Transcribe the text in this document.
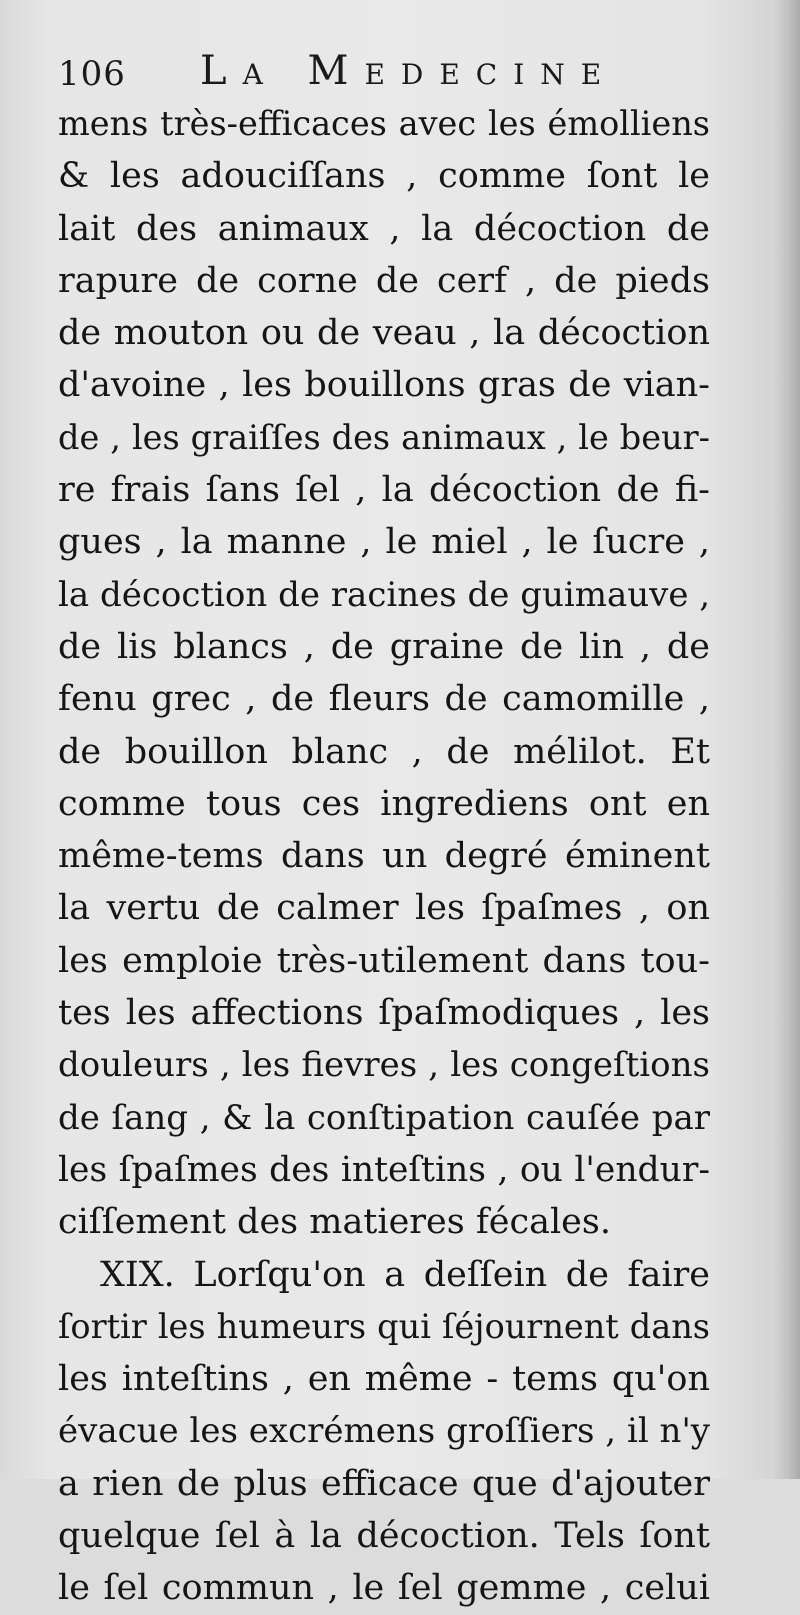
106 La Medecine
mens très-efficaces avec les émolliens
& les adouciſſans , comme ſont le
lait des animaux , la décoction de
rapure de corne de cerf , de pieds
de mouton ou de veau , la décoction
d'avoine , les bouillons gras de vian-
de , les graiſſes des animaux , le beur-
re frais ſans ſel , la décoction de fi-
gues , la manne , le miel , le ſucre ,
la décoction de racines de guimauve ,
de lis blancs , de graine de lin , de
fenu grec , de fleurs de camomille ,
de bouillon blanc , de mélilot. Et
comme tous ces ingrediens ont en
même-tems dans un degré éminent
la vertu de calmer les ſpaſmes , on
les emploie très-utilement dans tou-
tes les affections ſpaſmodiques , les
douleurs , les fievres , les congeſtions
de ſang , & la conſtipation cauſée par
les ſpaſmes des inteſtins , ou l'endur-
ciſſement des matieres fécales.
XIX. Lorſqu'on a deſſein de faire
ſortir les humeurs qui ſéjournent dans
les inteſtins , en même - tems qu'on
évacue les excrémens groſſiers , il n'y
a rien de plus efficace que d'ajouter
quelque ſel à la décoction. Tels ſont
le ſel commun , le ſel gemme , celui
